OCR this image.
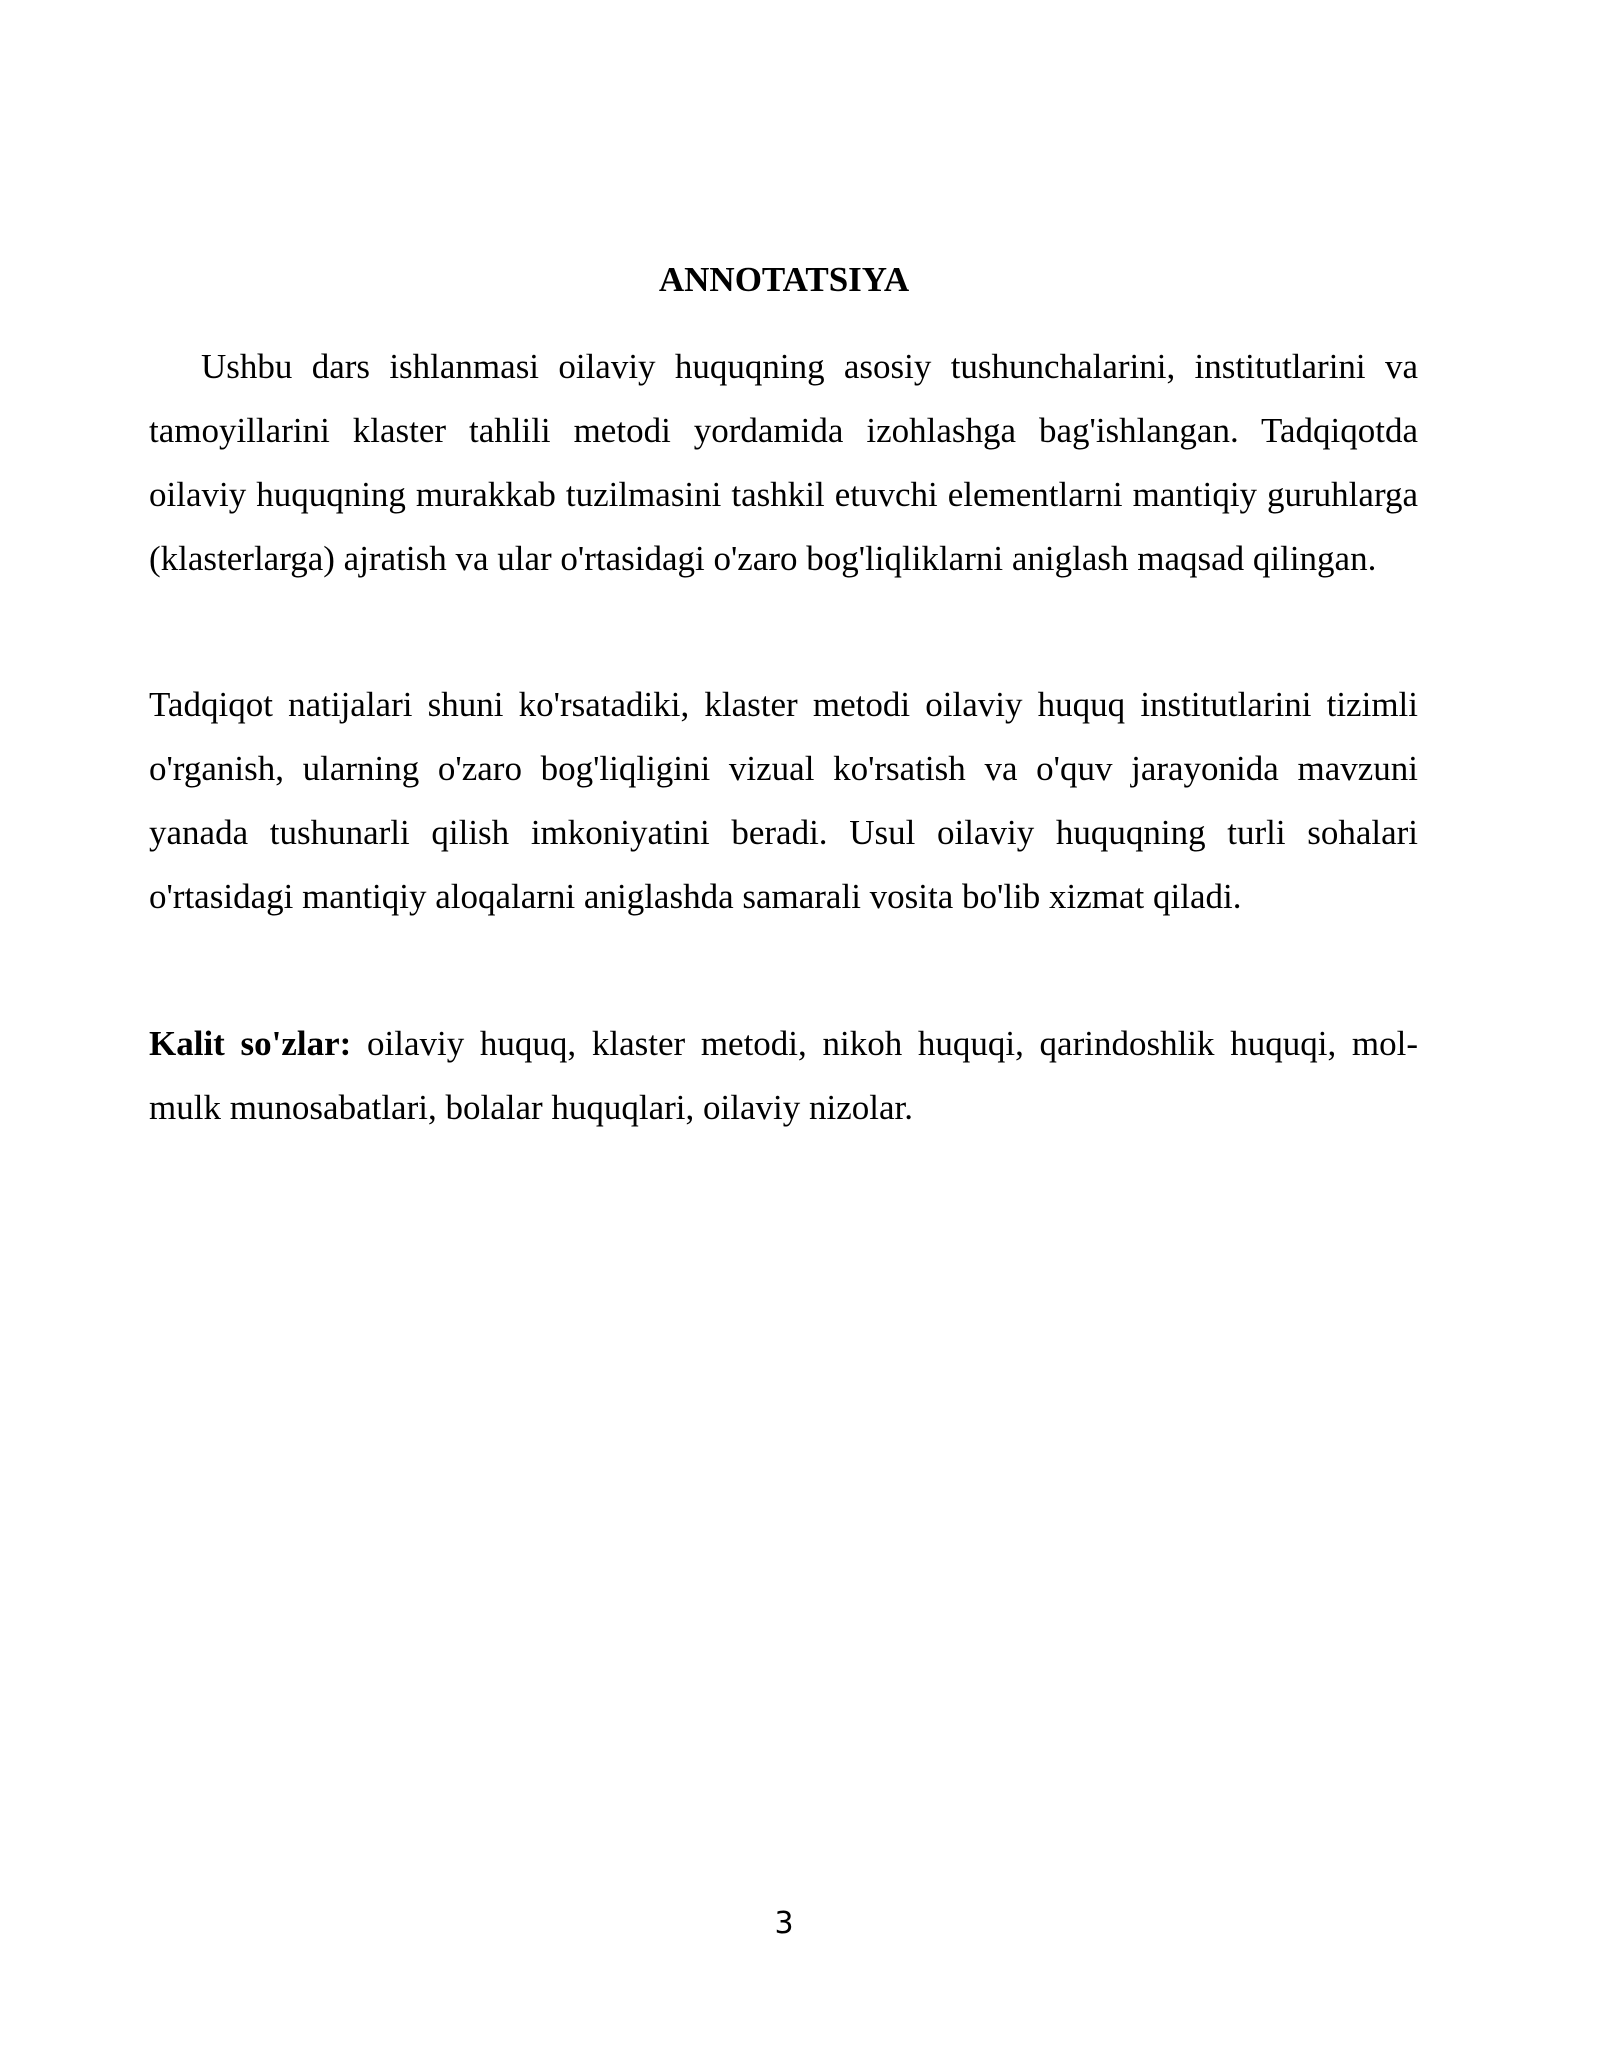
ANNOTATSIYA

Ushbu dars ishlanmasi oilaviy huquqning asosiy tushunchalarini, institutlarini va tamoyillarini klaster tahlili metodi yordamida izohlashga bag'ishlangan. Tadqiqotda oilaviy huquqning murakkab tuzilmasini tashkil etuvchi elementlarni mantiqiy guruhlarga (klasterlarga) ajratish va ular o'rtasidagi o'zaro bog'liqliklarni aniglash maqsad qilingan.

Tadqiqot natijalari shuni ko'rsatadiki, klaster metodi oilaviy huquq institutlarini tizimli o'rganish, ularning o'zaro bog'liqligini vizual ko'rsatish va o'quv jarayonida mavzuni yanada tushunarli qilish imkoniyatini beradi. Usul oilaviy huquqning turli sohalari o'rtasidagi mantiqiy aloqalarni aniglashda samarali vosita bo'lib xizmat qiladi.

Kalit so'zlar: oilaviy huquq, klaster metodi, nikoh huquqi, qarindoshlik huquqi, mol-mulk munosabatlari, bolalar huquqlari, oilaviy nizolar.

3
